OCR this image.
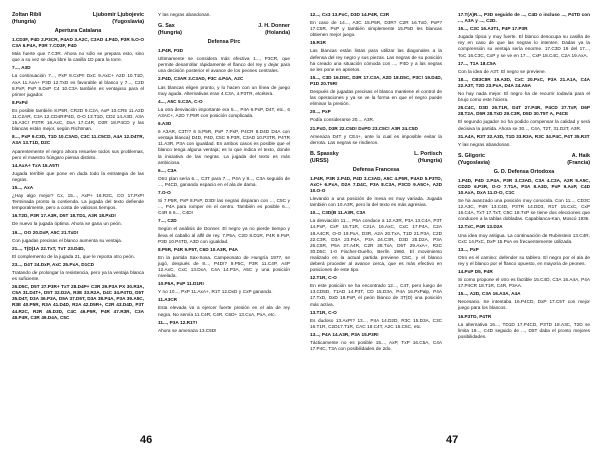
Zoltan Ribli	Ljubomir Ljubojevic
(Hungria)	(Yugoslavia)
Apertura Catalana

1.CD3F, P4D 2.P3CR, P4AD 3.A2C, C3AD 4.P4D, P3R 5.O-O C3A 6.P4A, P3R 7.CD3F, P4D

Más fuerte que 7.C3R. Ahora no sólo se prepara esto, sino que a su vez se deja libre la casilla 1D para la torre.

7..., A3D

La continuación 7..., PxP 8.CxP!! DxC 9.AxC+ A2D 10.T1D, AxA 11.AxA+ P3D 12.TxD es favorable al blanco y 7..., C2D 8.PxP, PxP 9.DxP C4 10.C3A también es ventajoso para el primer jugador.

8.PxPd

Es posible también 8.P5R, CR2D 9.C2A, AxP 10.CR5 11.A2D 11.C2AR, C3A 12.CD4R!P4D, O-O 13.T1D, CD2 14.A3D, A3A 15.A3C! P3TR 16.AxC, DxA 17.C4R, D2R 18.P4CD y las blancas están mejor, según Richtman.

8..., PxP 9.C3D, T1D 10.C3AD, C3C 11.C5CD, A4A 12.D4TR, A3A 13.T1D, D2C

Aparentemente el negro ahora resuelve todos sus problemas, pero el maestro húngaro piensa distinto.

14.AxA+ TxA 15.A5T!

Jugada terrible que pone en duda todo la estrategia de las negras.

15..., AxA

¿Hay algo mejor? Cx, 15..., AxP+ 16.R2C, CO 17.PxP! Terminada pronto la contienda. La jugada del texto defiende temporalmente, pero a costa de valiosos tiempos.

16.T2D, P3R 17.A3R, D5T 18.TD1, A3R 18.PxD!

De nuevo la jugada óptima. Ahora se gana un peón.

19..., OO 20.DxP, A5C 21.TxD!

Con jugadas precisas el blanco aumenta su ventaja.

21..., T(D)1A 22.TxT, TxT 23.D4D,

El complemento de la jugada 21, que le reporta otro peón.

23..., D4T 24.DxP, AxC 25.PxA, D1CD

Tratando de prolongar la resistencia, pero ya la ventaja blanca es suficiente.

26.D5C, D5T 27.P3R+ TxT 28.D4P+ C3R 29.P3A PX 30.R3A, C5A 31.D4T+, D5T 32.D2A, R3E 33.R2A, D4C 34.P4TD, D5T 35.D4T, D3A 36.P3A, D5A 37.D5T, D3A 38.P4A, P3A 39.A5C, R3E 40.P5R, R3A 41.D4D, R2A 42.D5R+, C2R 43.D4D, P3T 44.R2C, R2R 45.D3D, C4C 46.P5R, P4R 47.R3R, C3A 48.P4R, C3R 49.D4A, C5C

Y las negras abandonan.

G. Sax	J. H. Donner
(Hungría)	(Holanda)
Defensa Pirc

1.P4R, P3D

Ultimamente se considera más efectiva 1..., P3CR, que permite desarrollar rápidamente el flanco del rey y dejar para una decisión posterior el avance de los peones centrales.

2.P4D, C3AR 3.C3AD, P3C 4.P4A, A2C

Las blancas eligen pronto, y lo hacen con un línea de juego muy aguda. Alternativas eran 4.C3A, 4.P3TR, etcétera.

4..., A5C 5.C3A, C-O

La otra desviación importante era 5..., P4A 6.PxP, D4T, etc., 6 A3AC+, A2D 7.P5R con posición complicada.

6.A3D

6 A3AR, C3T!? 6 5.P5R, PxP 7.PxP, P4CR 8.D4D D4A con ventaja blanca) D4D, P4D, C5C 9.P3R, C3AD 10.P3TR, P4TR 11.A3R, P3A con igualdad. En ambos casos es posible que el blanco tenga alguna ventaja; es lo que indica el texto, donde la iniciativa de las negras. La jugada del texto es más ambiciosa.

6..., C3A

Otro plan sería 6..., C3T para 7..., P4A y 8..., C3A seguido de ..., P4CD, ganando espacio en el ala de dama.

7.O-O

Si 7.P5R, PxP 8.PxP, D3D! las negras disparan con ..., C5C y ..., P4A para romper en el centro. También es posible 6..., C4R 6 6..., C4D!

7..., C2D

Según el análisis de Donner. El negro ya no pierde tiempo y lleva el caballo al alfil de rey. 7.P5A, C2D 8.D1R, P4R 9.PxP, P3D 10.P4TD, A3D con igualdad.

8.P5R, P4R 9.P5T, C6D 10.A3R, P4A

En la partida Sax-Sosa, Campeonato de Hungría 1977, se jugó, después de 8..., P4D!? 9.P5C, P3R 11.C4P, A4P 12.AxC, CxC 13.DxA, C4A 14.P3A, A5C y una posición nivelada.

10.P5A, PxP 11.D1R!

Y no 10..., PxP 11.AxA+, R1T 12.DxD y CxP ganando.

11.A3CR

Esta elevada va a ejercer fuerte presión en el ala de rey negra. No servía 11.C4R, C4R, C6D+ 13.CxA, PxA, etc.

11..., P3A 12.R1T!

Ahora se amenaza 13.C5D!

46

12..., Cx3 13.PxC, D3D 14.P4R, C2R

En caso de 14..., A3C 15.P5R, D3R? C2R 16.TxD, PxP? 17.C5R, PxP y también simplemente 15.P5D les blancas obtienen mejor juego.

15.R1R

Las blancas están listas para utilizar las diagonales a la defensa del rey negro y sus piezas. Las negras de su posición ha creado una situación cómoda con ..., P4D y a las negras se les pone en aprietos.

15..., C3D 16.D5C, D3R 17.C3A, A2D 18.D5C, P3C! 19.D4D, P1D 20.T5R!

Después de jugadas precisas el blanco mantiene el control de las operaciones y ya se ve la forma en que el negro puede eliminar la presión.

20..., PxP

Podía considerarse 20..., A3R.

21.PxD, D3R 22.C5D! DxPD 23.C5C! A3R 24.C5D

Amenaza D4T y CE4+, ante lo cual es imposible evitar la derrota. Las negras se rindieron.

B. Spassky	L. Portisch
(URSS)	(Hungría)
Defensa Francesa

1.P4R, P3R 2.P4D, P4D 3.C3AD, A5C 4.P5R, P4AD 5.P3TD, AxC+ 6.PxA, D2A 7.D4C, P3A 8.C3A, P3CD 9.A5C+, A2D 10.O-O

Llevando a una posición de mesa es muy variada. Jugada también con 10.A3R, pero la del texto es más agresiva.

10..., C3D(B 11.A3R, C3A

La desviación 11..., P5A conduce a 12.A3R, P3A 13.C4A, P3T 14.PxP, CxP 15.T1R, C21A 16.AxC, CxC 17.P4A, C2A 18.A4CR, O-O 19.PxA, D3R, A2A 20.TxA, T1D 21.P3A, C2D 22.C3R, D3A 23.P4A, P3A 24.C3R, D3D 25.D2A, P3A 26.C5R, P5A 27.A4R, C2R 28.TxA, D5T 29.AxA+, R2C 30.D5C 1-0 Fischer-Dueño, Berlín 1960. El movimiento realizado en la actual partida previene C5C, y el blanco deberá proceder al avance cerca, que es más efectivo en posiciones de este tipo.

12.T1R, C-O

En este posición se ha encontrado 12..., C4T, pero luego de 13.CD5D, T1AD 14.P3T, CD 15.D3A, P4A 16.PxPalp, P4A 17.TxD, DxD 18.PxP, el peón blanco de 3T(D) una posición más activa.

13.T1R, C-O

Es dudoso 13.AxP!? 13..., P4A 14.D2D, R3C 15.D3A, C3C 16.T1R, C2D17.T1R, CAC 18.C4T, A2C 15.C5C, etc.

13..., P4A 14.A3R, P3A 15.P3R!

Tácticamente no es posible 15..., AxP, TxP 16.C5A, C4A 17.P4C, T3A con posibilidades de 2do.

17.T(A)R..., P3D seguido de ..., C4D o incluso ..., P4TD con ..., A3A y ..., C2D.

15..., C3C 16.A3T1, P4P 17.P3R

Jugada típica y muy fuerte. El blanco desocupa su casilla de rey en caso de que las negras lo intenten. Dadas ya la comprensión su ventaja sería enorme. 17.C3D 19 del 17..., ToC 16.C3C, CxP y se ve en 17..., CxP 18.C4C, C2A 19.AxA.

17..., T1A 18.C5A

Con la idea de A3T. El negro se previene.

18..., CB3C8R 19.A3D, CxC 20.PxC, P3A 21.A1A, C4A 22.A3T, T2D 23.PxA, D4A 24.A5A

No hay nada mejor. El negro ha de recurrir todavía para el brujo como este hiciera.

25.C4C, D3D 26.T1R, D4T 27.P4R, P4CD 27.TxP, D6P 28.T2A, D5R 28.TxD 29.C3R, D5D 30.T5T A, P4CE

El segundo jugador no ha podido compensar la calidad y será decisiva la partida. Ahora se 30..., C4A, T2T, 31.D2T, A3R.

31.A4A, R3T 32.A3D, T1D 33.R3A, R3C 34.P4C, P4T 35.R3T

Y las negras abandonan.

S. Gligoric	A. Haik
(Yugoslavia)	(Francia)
G. D. Defensa Ortodoxa

1.P4D, P4D 2.P4A, P3R 3.C3AD, C3A 4.C3A, A2R 5.A5C, CD2D 6.P3R, O-O 7.T1A, P3A 8.A3D, PxP 9.AxP, C4D 10.AxA, DxA 11.O-O, C1C

Se ha avanzado una posición muy conocida. Con 11..., CD3C 12.A3C, P4R 13.C4D, P3TR 14.DD3, R1T 15.CxC, CxP 16.C4A, TxT 17.TxT, C5C 18.TxP se tiene dos elecciones que conducen a la tablas dobladas. Capablanca-Kan, Moscú 1936.

12.TxC, P4R 13.D2A

Una idea muy antigua. La continuación de Rubinstein 13.C4R, CxC 14.PxC, DxP 15.PxA es frecuentemente utilizada.

13..., PxP

Otro es el camino: defender su tablero. El negro por el ala de rey y el blanco por el flanco opuesto, en mayoría de peones.

14.PxP D5, P4R

Si como propone el otro es factible 15.C4D, C3A 16.A4A, P4A 17.P4CR 18.T1R, C4R, P3AA.

15..., A2D, C3A 16.A3A, A4A

Necesario. Se intentaba 16.P4CD, DxP 17.C5T con mejor juego para los blancos.

16.P3TD, P4TR

La alternativa 16..., TD1D 17.P4CD, P3TD 18.A3C, T2D se limita 19..., C4D seguido de ..., D5T daba el pronto mejores posibilidades.

47
